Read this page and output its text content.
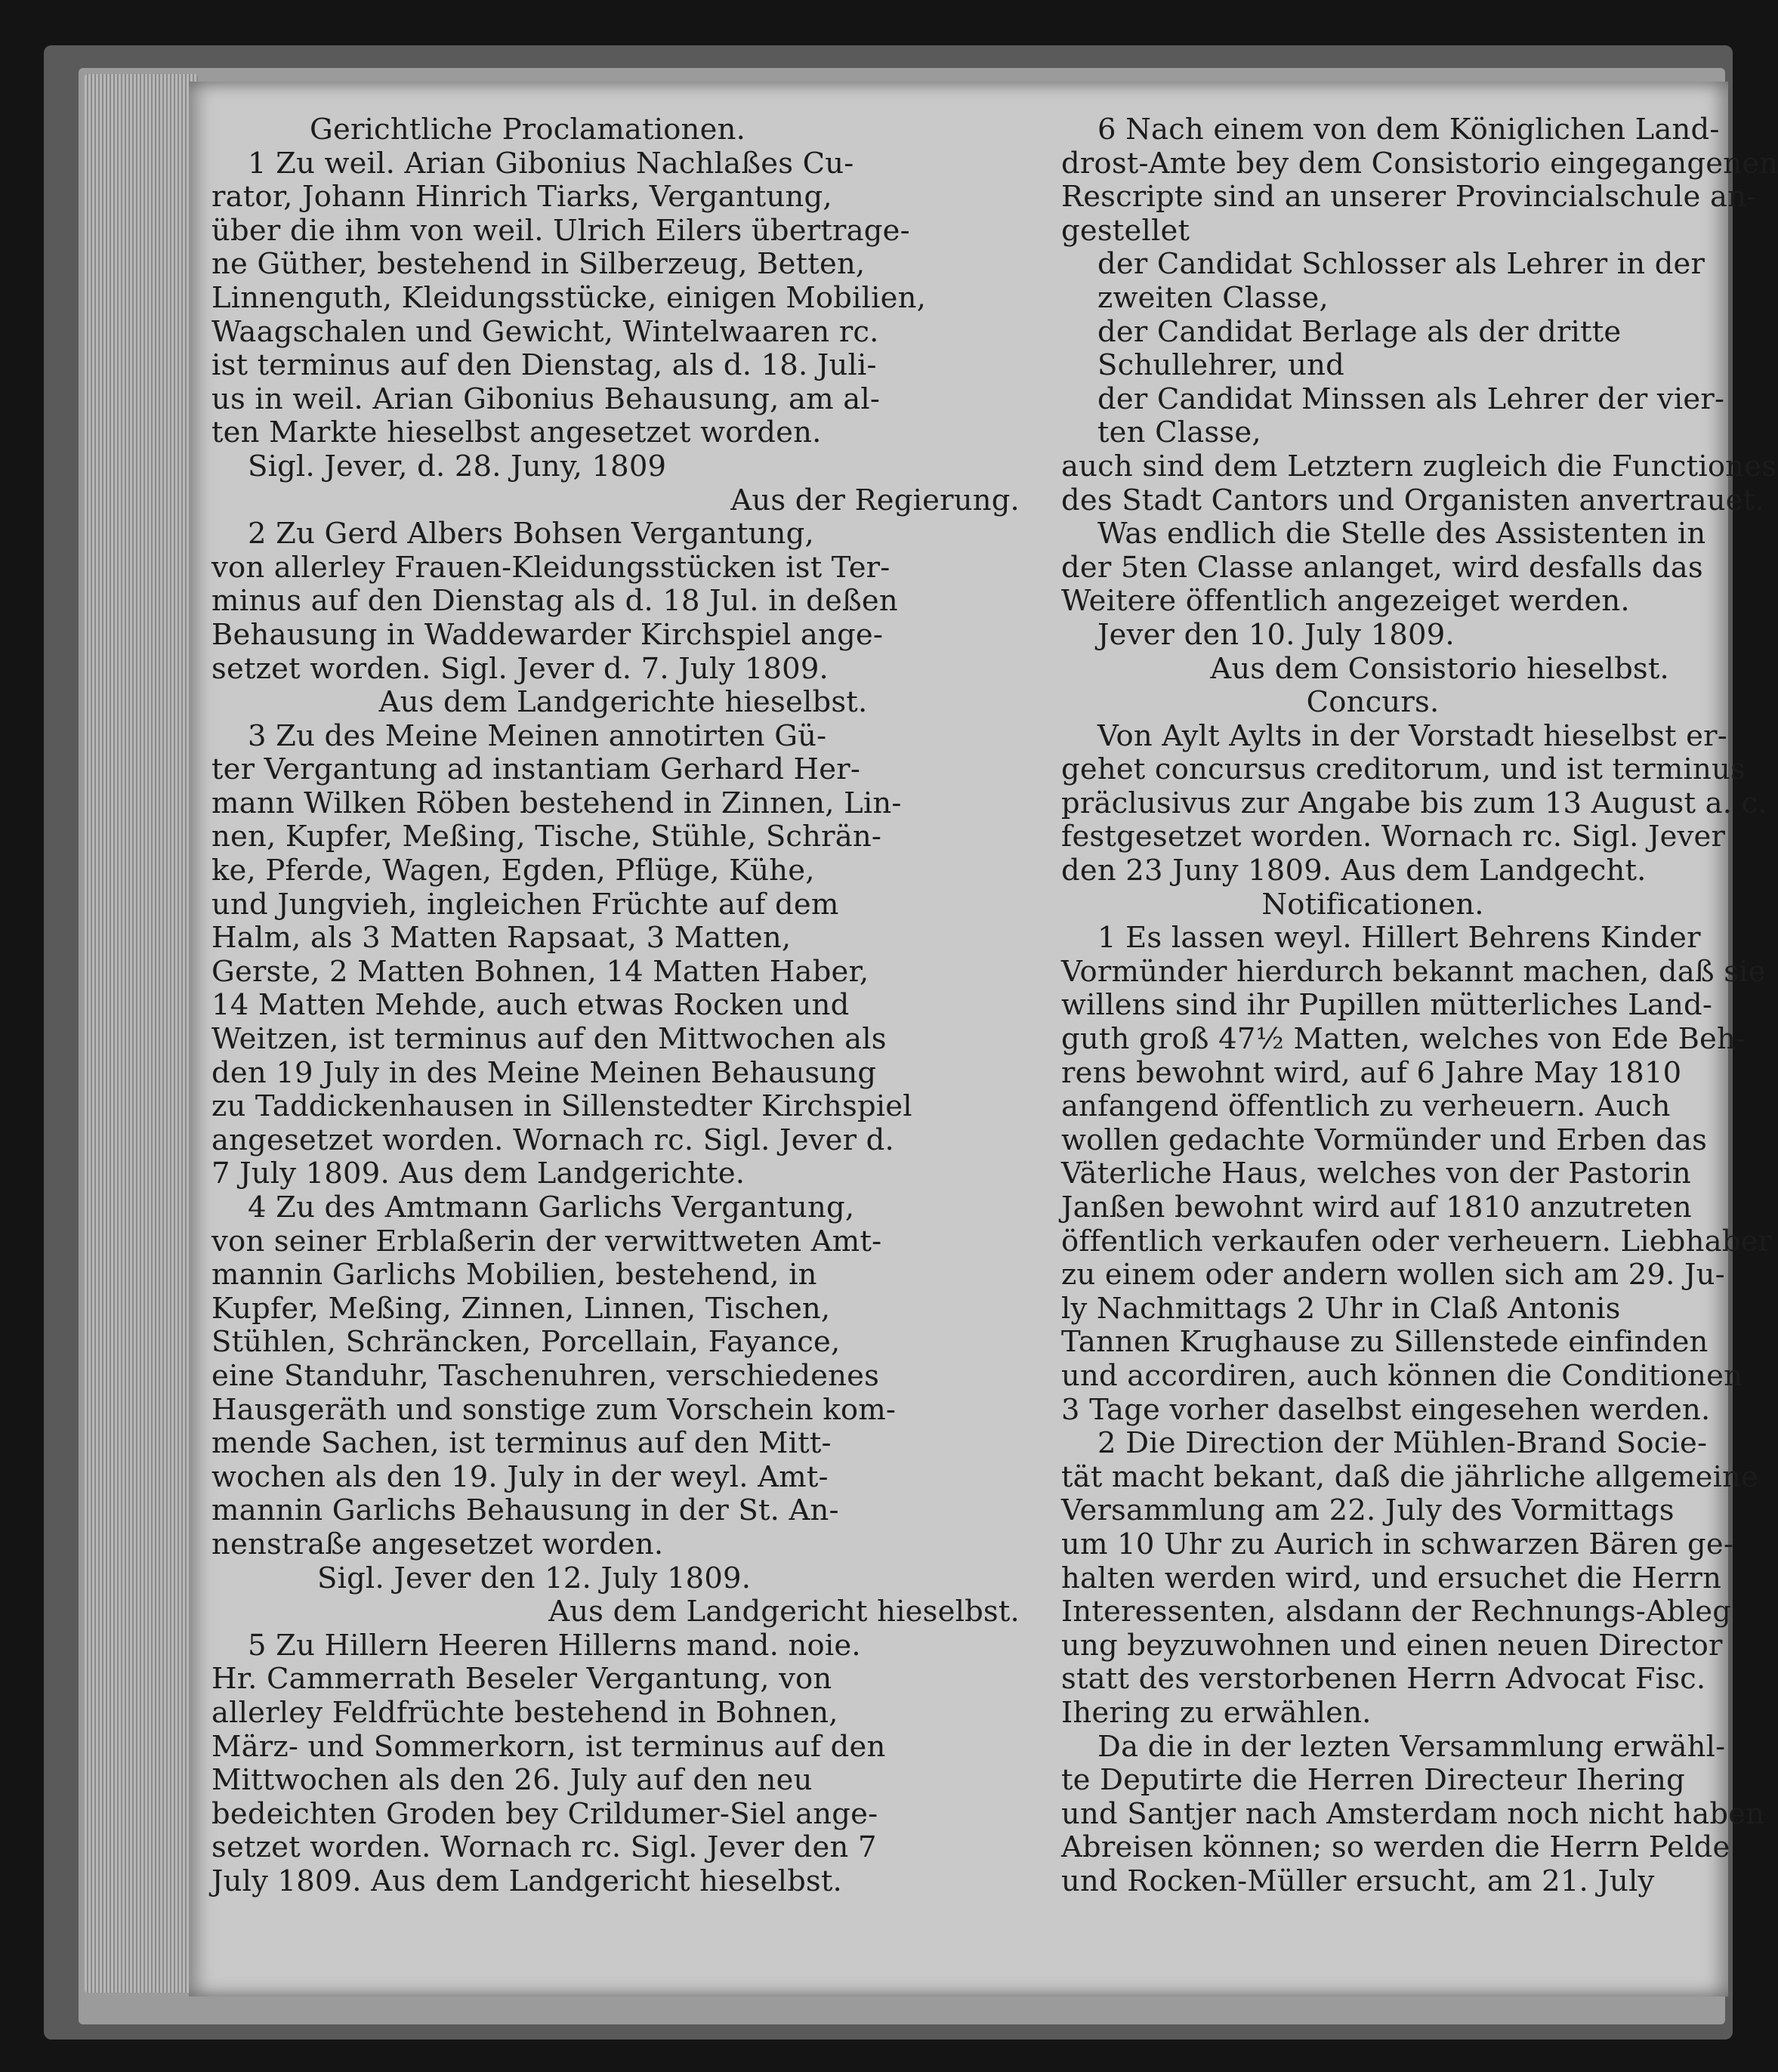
Gerichtliche Proclamationen.
1 Zu weil. Arian Gibonius Nachlaßes Cu-
rator, Johann Hinrich Tiarks, Vergantung,
über die ihm von weil. Ulrich Eilers übertrage-
ne Güther, bestehend in Silberzeug, Betten,
Linnenguth, Kleidungsstücke, einigen Mobilien,
Waagschalen und Gewicht, Wintelwaaren rc.
ist terminus auf den Dienstag, als d. 18. Juli-
us in weil. Arian Gibonius Behausung, am al-
ten Markte hieselbst angesetzet worden.
Sigl. Jever, d. 28. Juny, 1809
Aus der Regierung.
2 Zu Gerd Albers Bohsen Vergantung,
von allerley Frauen-Kleidungsstücken ist Ter-
minus auf den Dienstag als d. 18 Jul. in deßen
Behausung in Waddewarder Kirchspiel ange-
setzet worden. Sigl. Jever d. 7. July 1809.
Aus dem Landgerichte hieselbst.
3 Zu des Meine Meinen annotirten Gü-
ter Vergantung ad instantiam Gerhard Her-
mann Wilken Röben bestehend in Zinnen, Lin-
nen, Kupfer, Meßing, Tische, Stühle, Schrän-
ke, Pferde, Wagen, Egden, Pflüge, Kühe,
und Jungvieh, ingleichen Früchte auf dem
Halm, als 3 Matten Rapsaat, 3 Matten,
Gerste, 2 Matten Bohnen, 14 Matten Haber,
14 Matten Mehde, auch etwas Rocken und
Weitzen, ist terminus auf den Mittwochen als
den 19 July in des Meine Meinen Behausung
zu Taddickenhausen in Sillenstedter Kirchspiel
angesetzet worden. Wornach rc. Sigl. Jever d.
7 July 1809. Aus dem Landgerichte.
4 Zu des Amtmann Garlichs Vergantung,
von seiner Erblaßerin der verwittweten Amt-
mannin Garlichs Mobilien, bestehend, in
Kupfer, Meßing, Zinnen, Linnen, Tischen,
Stühlen, Schräncken, Porcellain, Fayance,
eine Standuhr, Taschenuhren, verschiedenes
Hausgeräth und sonstige zum Vorschein kom-
mende Sachen, ist terminus auf den Mitt-
wochen als den 19. July in der weyl. Amt-
mannin Garlichs Behausung in der St. An-
nenstraße angesetzet worden.
Sigl. Jever den 12. July 1809.
Aus dem Landgericht hieselbst.
5 Zu Hillern Heeren Hillerns mand. noie.
Hr. Cammerrath Beseler Vergantung, von
allerley Feldfrüchte bestehend in Bohnen,
März- und Sommerkorn, ist terminus auf den
Mittwochen als den 26. July auf den neu
bedeichten Groden bey Crildumer-Siel ange-
setzet worden. Wornach rc. Sigl. Jever den 7
July 1809. Aus dem Landgericht hieselbst.
6 Nach einem von dem Königlichen Land-
drost-Amte bey dem Consistorio eingegangenen
Rescripte sind an unserer Provincialschule an-
gestellet
der Candidat Schlosser als Lehrer in der
zweiten Classe,
der Candidat Berlage als der dritte
Schullehrer, und
der Candidat Minssen als Lehrer der vier-
ten Classe,
auch sind dem Letztern zugleich die Functiones
des Stadt Cantors und Organisten anvertrauet.
Was endlich die Stelle des Assistenten in
der 5ten Classe anlanget, wird desfalls das
Weitere öffentlich angezeiget werden.
Jever den 10. July 1809.
Aus dem Consistorio hieselbst.
Concurs.
Von Aylt Aylts in der Vorstadt hieselbst er-
gehet concursus creditorum, und ist terminus
präclusivus zur Angabe bis zum 13 August a. c.
festgesetzet worden. Wornach rc. Sigl. Jever
den 23 Juny 1809. Aus dem Landgecht.
Notificationen.
1 Es lassen weyl. Hillert Behrens Kinder
Vormünder hierdurch bekannt machen, daß sie
willens sind ihr Pupillen mütterliches Land-
guth groß 47½ Matten, welches von Ede Beh-
rens bewohnt wird, auf 6 Jahre May 1810
anfangend öffentlich zu verheuern. Auch
wollen gedachte Vormünder und Erben das
Väterliche Haus, welches von der Pastorin
Janßen bewohnt wird auf 1810 anzutreten
öffentlich verkaufen oder verheuern. Liebhaber
zu einem oder andern wollen sich am 29. Ju-
ly Nachmittags 2 Uhr in Claß Antonis
Tannen Krughause zu Sillenstede einfinden
und accordiren, auch können die Conditionen
3 Tage vorher daselbst eingesehen werden.
2 Die Direction der Mühlen-Brand Socie-
tät macht bekant, daß die jährliche allgemeine
Versammlung am 22. July des Vormittags
um 10 Uhr zu Aurich in schwarzen Bären ge-
halten werden wird, und ersuchet die Herrn
Interessenten, alsdann der Rechnungs-Ableg
ung beyzuwohnen und einen neuen Director
statt des verstorbenen Herrn Advocat Fisc.
Ihering zu erwählen.
Da die in der lezten Versammlung erwähl-
te Deputirte die Herren Directeur Ihering
und Santjer nach Amsterdam noch nicht haben
Abreisen können; so werden die Herrn Pelde
und Rocken-Müller ersucht, am 21. July
